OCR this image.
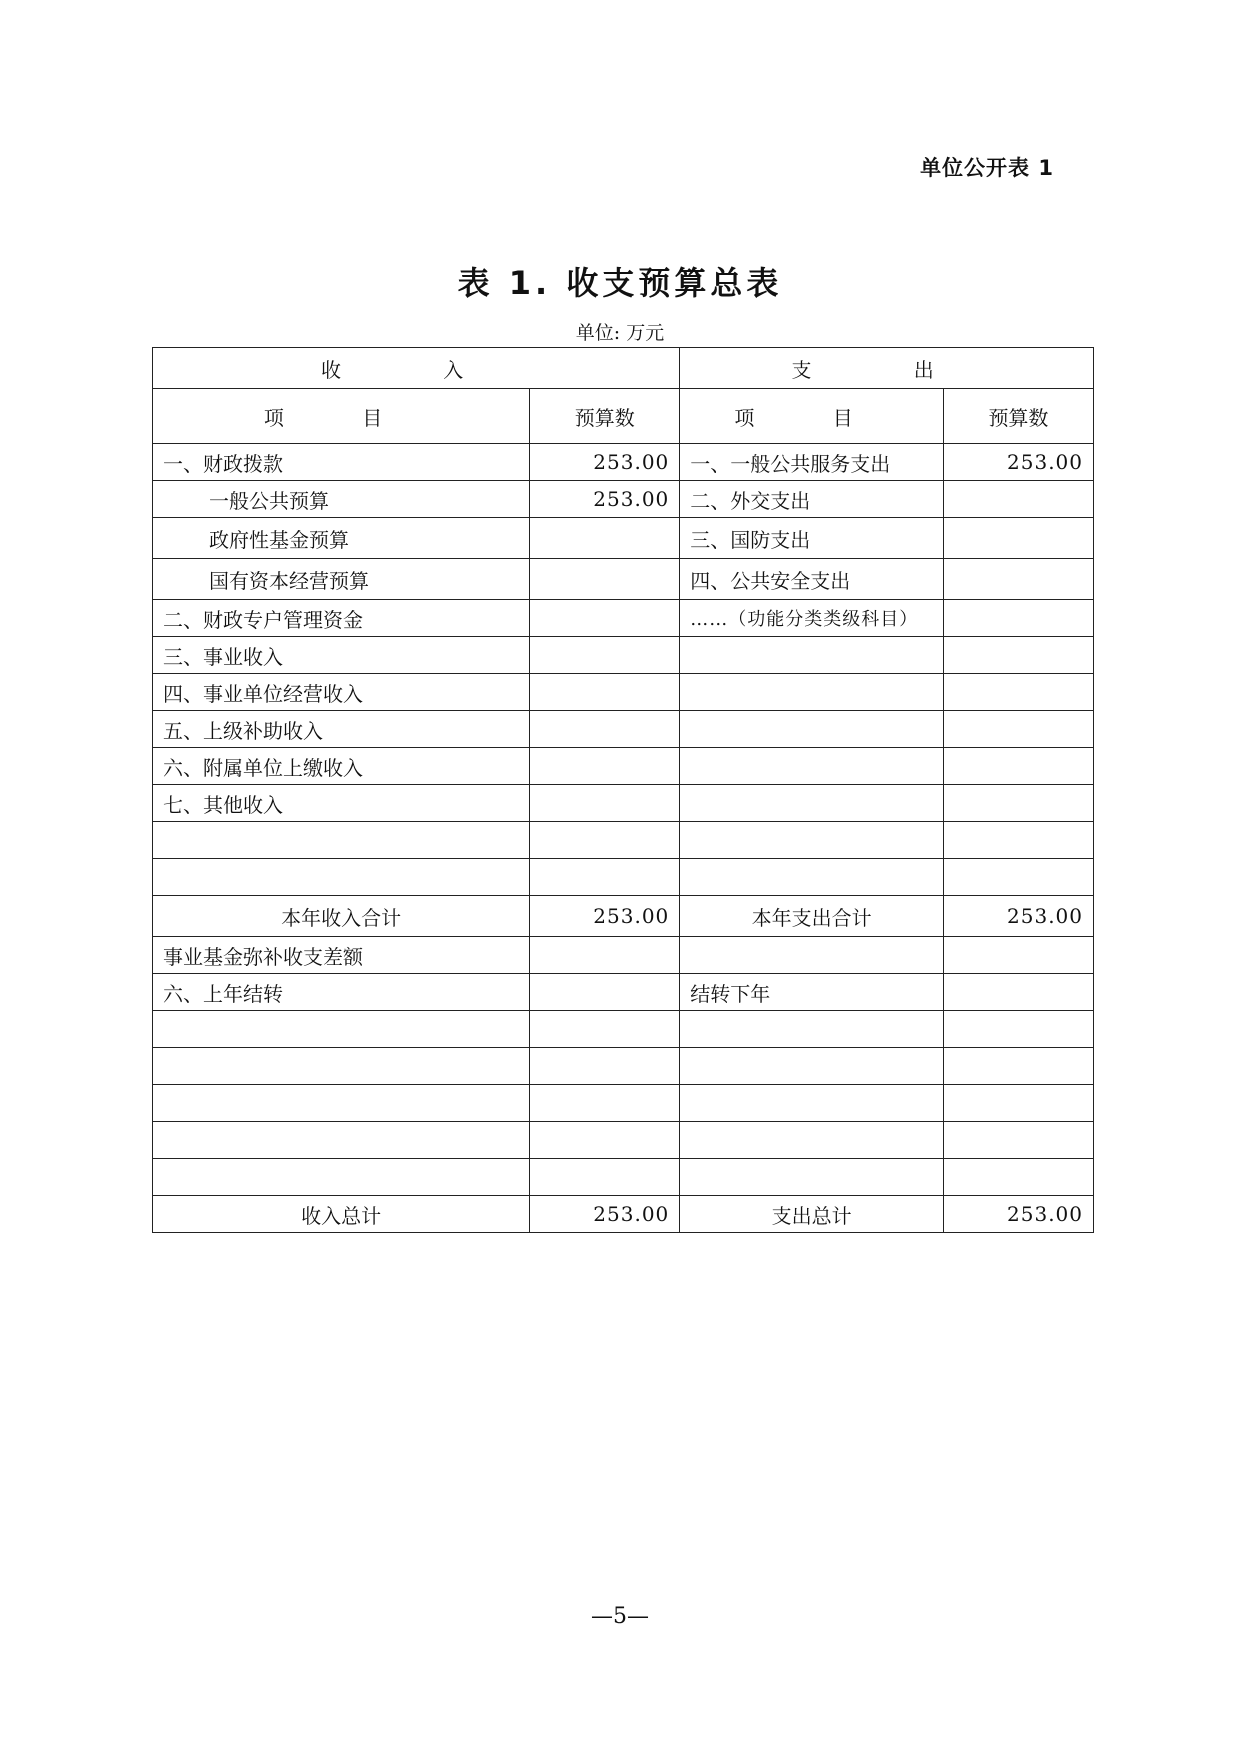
单位公开表 1
表 1. 收支预算总表
单位: 万元
收 入		支 出	
项 目	预算数	项 目	预算数
一、财政拨款	253.00	一、一般公共服务支出	253.00
一般公共预算	253.00	二、外交支出	
政府性基金预算		三、国防支出	
国有资本经营预算		四、公共安全支出	
二、财政专户管理资金		……（功能分类类级科目）	
三、事业收入			
四、事业单位经营收入			
五、上级补助收入			
六、附属单位上缴收入			
七、其他收入			

本年收入合计	253.00	本年支出合计	253.00
事业基金弥补收支差额			
六、上年结转		结转下年	

收入总计	253.00	支出总计	253.00
—5—
